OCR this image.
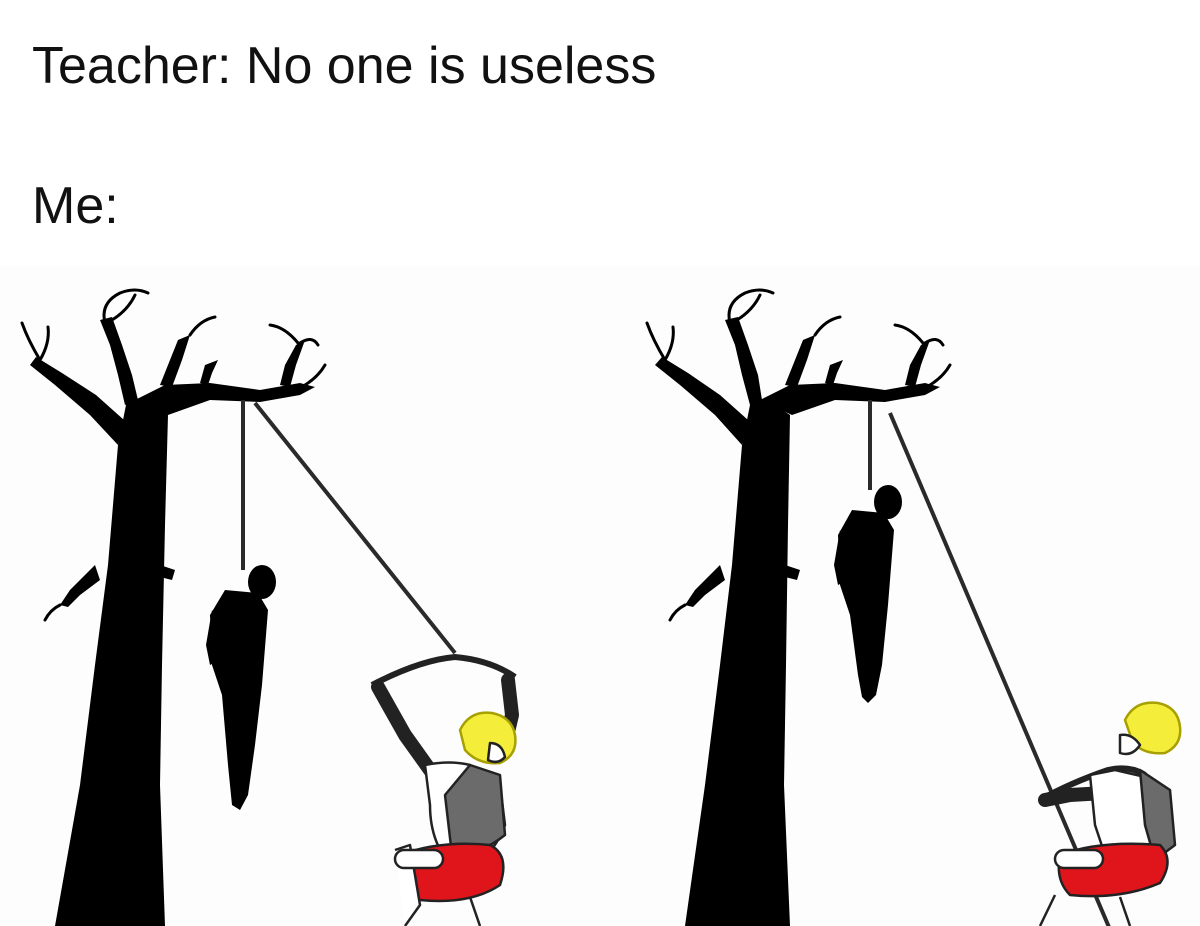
Teacher: No one is useless

Me:
